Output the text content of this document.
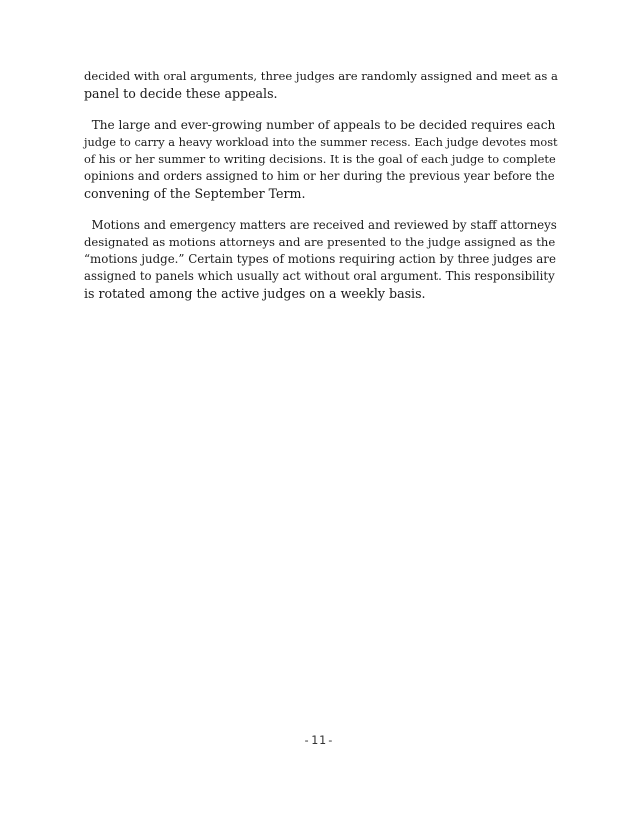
decided with oral arguments, three judges are randomly assigned and meet as a
panel to decide these appeals.

The large and ever-growing number of appeals to be decided requires each
judge to carry a heavy workload into the summer recess. Each judge devotes most
of his or her summer to writing decisions. It is the goal of each judge to complete
opinions and orders assigned to him or her during the previous year before the
convening of the September Term.

Motions and emergency matters are received and reviewed by staff attorneys
designated as motions attorneys and are presented to the judge assigned as the
“motions judge.” Certain types of motions requiring action by three judges are
assigned to panels which usually act without oral argument. This responsibility
is rotated among the active judges on a weekly basis.

-11-
